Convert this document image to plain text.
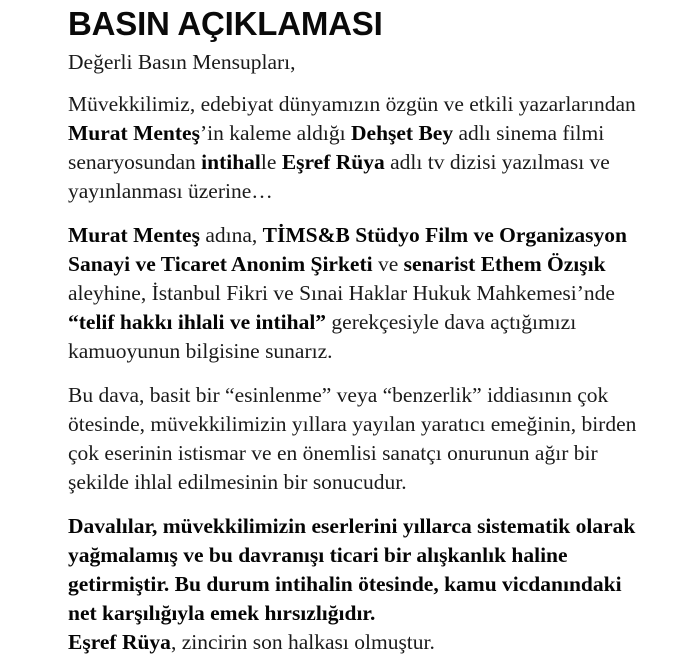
BASIN AÇIKLAMASI

Değerli Basın Mensupları,

Müvekkilimiz, edebiyat dünyamızın özgün ve etkili yazarlarından Murat Menteş’in kaleme aldığı Dehşet Bey adlı sinema filmi senaryosundan intihalle Eşref Rüya adlı tv dizisi yazılması ve yayınlanması üzerine…

Murat Menteş adına, TİMS&B Stüdyo Film ve Organizasyon Sanayi ve Ticaret Anonim Şirketi ve senarist Ethem Özışık aleyhine, İstanbul Fikri ve Sınai Haklar Hukuk Mahkemesi’nde “telif hakkı ihlali ve intihal” gerekçesiyle dava açtığımızı kamuoyunun bilgisine sunarız.

Bu dava, basit bir “esinlenme” veya “benzerlik” iddiasının çok ötesinde, müvekkilimizin yıllara yayılan yaratıcı emeğinin, birden çok eserinin istismar ve en önemlisi sanatçı onurunun ağır bir şekilde ihlal edilmesinin bir sonucudur.

Davalılar, müvekkilimizin eserlerini yıllarca sistematik olarak yağmalamış ve bu davranışı ticari bir alışkanlık haline getirmiştir. Bu durum intihalin ötesinde, kamu vicdanındaki net karşılığıyla emek hırsızlığıdır.

Eşref Rüya, zincirin son halkası olmuştur.
